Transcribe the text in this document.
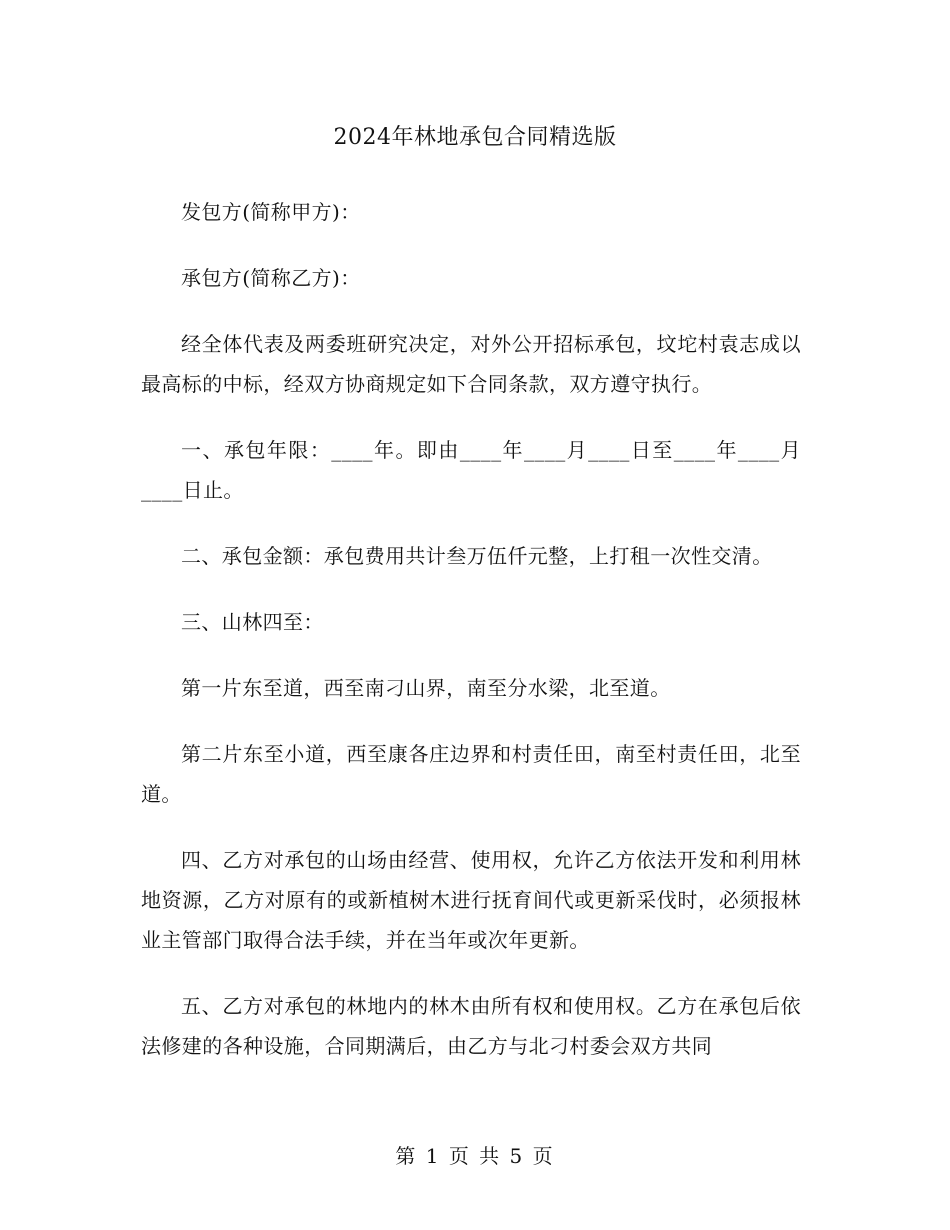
2024年林地承包合同精选版

发包方(简称甲方)：

承包方(简称乙方)：

经全体代表及两委班研究决定，对外公开招标承包，坟坨村袁志成以最高标的中标，经双方协商规定如下合同条款，双方遵守执行。

一、承包年限：____年。即由____年____月____日至____年____月____日止。

二、承包金额：承包费用共计叁万伍仟元整，上打租一次性交清。

三、山林四至：

第一片东至道，西至南刁山界，南至分水梁，北至道。

第二片东至小道，西至康各庄边界和村责任田，南至村责任田，北至道。

四、乙方对承包的山场由经营、使用权，允许乙方依法开发和利用林地资源，乙方对原有的或新植树木进行抚育间代或更新采伐时，必须报林业主管部门取得合法手续，并在当年或次年更新。

五、乙方对承包的林地内的林木由所有权和使用权。乙方在承包后依法修建的各种设施，合同期满后，由乙方与北刁村委会双方共同

第 1 页 共 5 页
